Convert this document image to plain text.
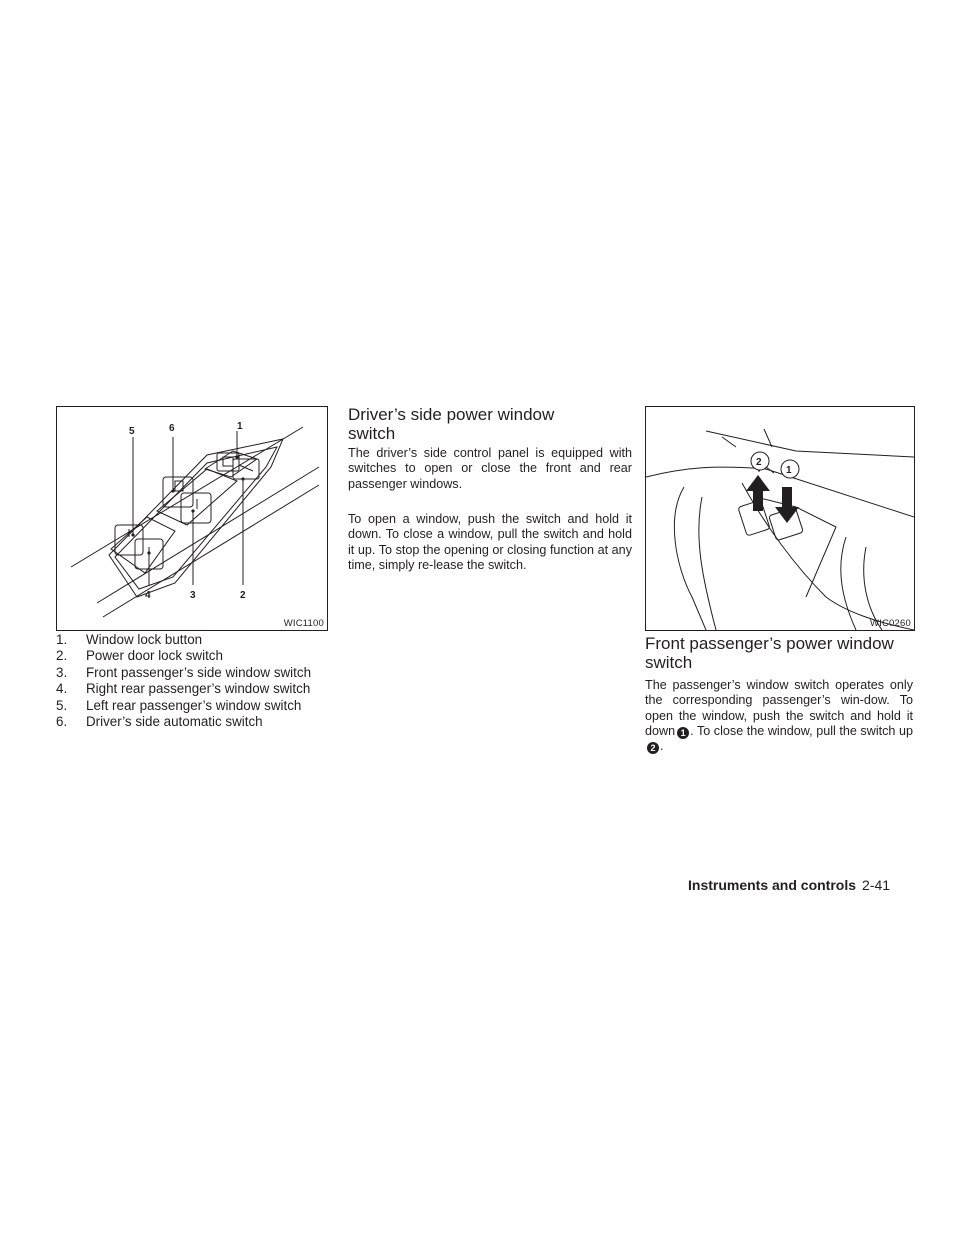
1
2
3
4
5	6
WIC1100
1.	Window lock button
2.	Power door lock switch
3.	Front passenger’s side window switch
4.	Right rear passenger’s window switch
5.	Left rear passenger’s window switch
6.	Driver’s side automatic switch
Driver’s side power window switch

The driver’s side control panel is equipped with switches to open or close the front and rear passenger windows.

To open a window, push the switch and hold it down. To close a window, pull the switch and hold it up. To stop the opening or closing function at any time, simply re-lease the switch.

2
1
WIC0260
Front passenger’s power window switch

The passenger’s window switch operates only the corresponding passenger’s win-dow. To open the window, push the switch and hold it down 1 . To close the window, pull the switch up2 .

Instruments and controls 2-41
